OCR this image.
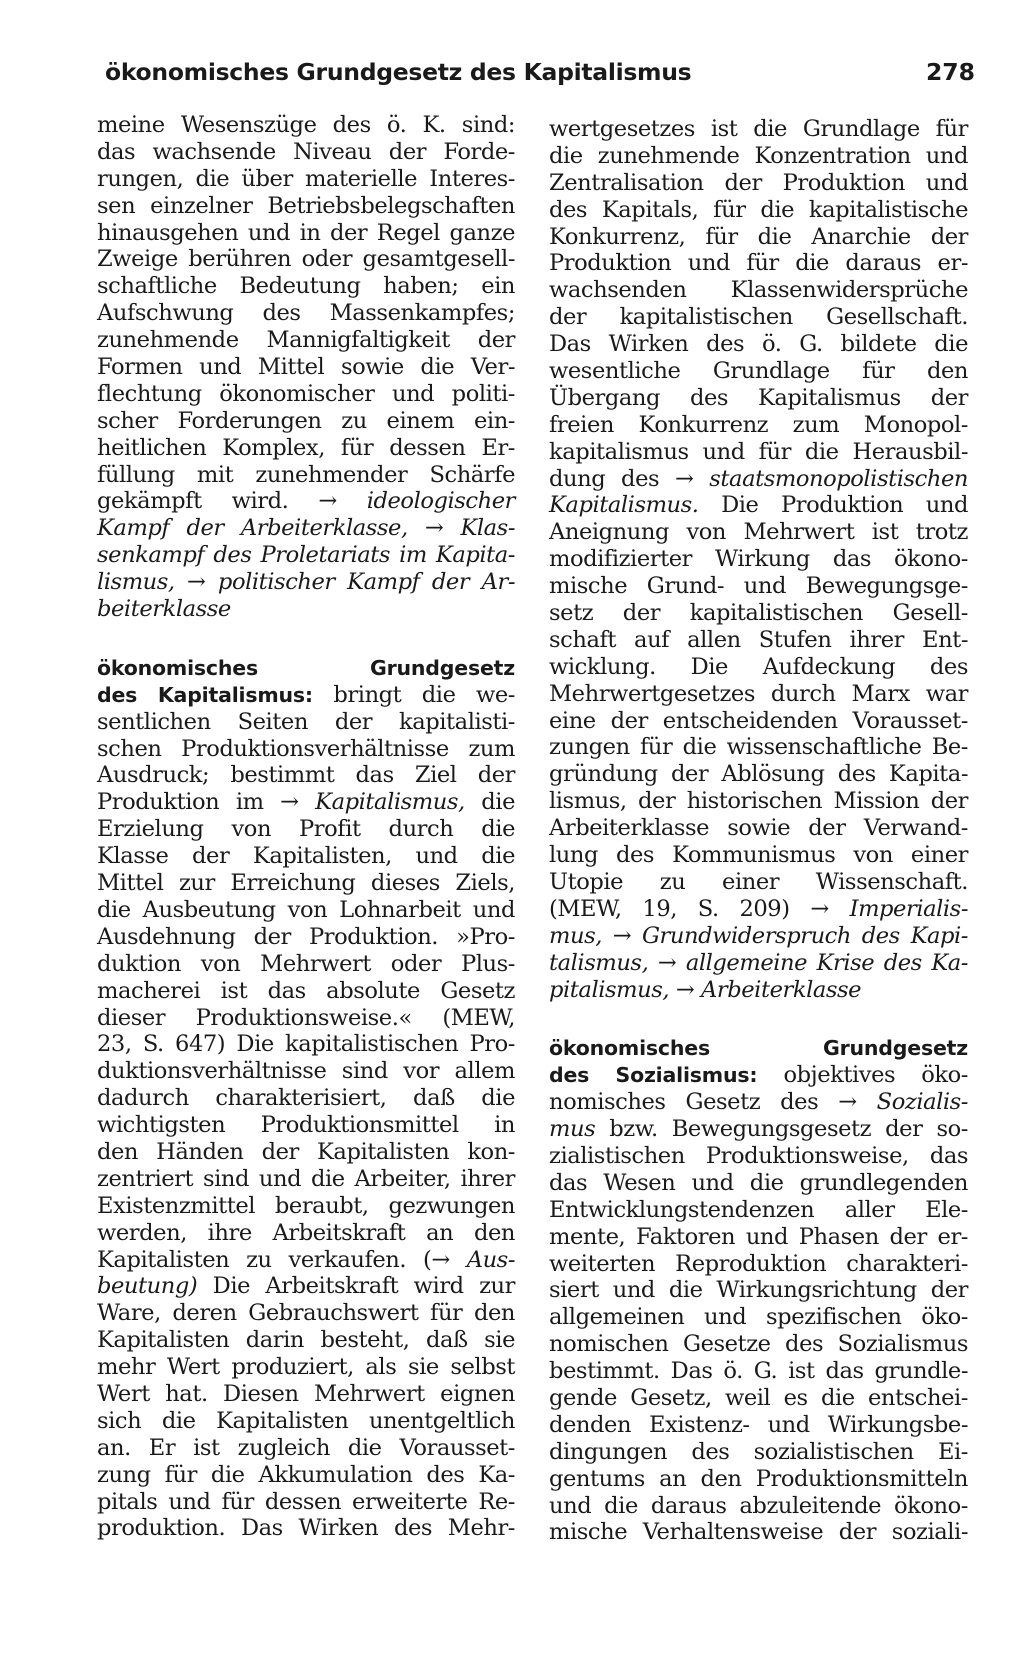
ökonomisches Grundgesetz des Kapitalismus	278
meine Wesenszüge des ö. K. sind:
das wachsende Niveau der Forde-
rungen, die über materielle Interes-
sen einzelner Betriebsbelegschaften
hinausgehen und in der Regel ganze
Zweige berühren oder gesamtgesell-
schaftliche Bedeutung haben; ein
Aufschwung des Massenkampfes;
zunehmende Mannigfaltigkeit der
Formen und Mittel sowie die Ver-
flechtung ökonomischer und politi-
scher Forderungen zu einem ein-
heitlichen Komplex, für dessen Er-
füllung mit zunehmender Schärfe
gekämpft wird. → ideologischer
Kampf der Arbeiterklasse, → Klas-
senkampf des Proletariats im Kapita-
lismus, → politischer Kampf der Ar-
beiterklasse
ökonomisches Grundgesetz
des Kapitalismus: bringt die we-
sentlichen Seiten der kapitalisti-
schen Produktionsverhältnisse zum
Ausdruck; bestimmt das Ziel der
Produktion im → Kapitalismus, die
Erzielung von Profit durch die
Klasse der Kapitalisten, und die
Mittel zur Erreichung dieses Ziels,
die Ausbeutung von Lohnarbeit und
Ausdehnung der Produktion. »Pro-
duktion von Mehrwert oder Plus-
macherei ist das absolute Gesetz
dieser Produktionsweise.« (MEW,
23, S. 647) Die kapitalistischen Pro-
duktionsverhältnisse sind vor allem
dadurch charakterisiert, daß die
wichtigsten Produktionsmittel in
den Händen der Kapitalisten kon-
zentriert sind und die Arbeiter, ihrer
Existenzmittel beraubt, gezwungen
werden, ihre Arbeitskraft an den
Kapitalisten zu verkaufen. (→ Aus-
beutung) Die Arbeitskraft wird zur
Ware, deren Gebrauchswert für den
Kapitalisten darin besteht, daß sie
mehr Wert produziert, als sie selbst
Wert hat. Diesen Mehrwert eignen
sich die Kapitalisten unentgeltlich
an. Er ist zugleich die Vorausset-
zung für die Akkumulation des Ka-
pitals und für dessen erweiterte Re-
produktion. Das Wirken des Mehr-
wertgesetzes ist die Grundlage für
die zunehmende Konzentration und
Zentralisation der Produktion und
des Kapitals, für die kapitalistische
Konkurrenz, für die Anarchie der
Produktion und für die daraus er-
wachsenden Klassenwidersprüche
der kapitalistischen Gesellschaft.
Das Wirken des ö. G. bildete die
wesentliche Grundlage für den
Übergang des Kapitalismus der
freien Konkurrenz zum Monopol-
kapitalismus und für die Herausbil-
dung des → staatsmonopolistischen
Kapitalismus. Die Produktion und
Aneignung von Mehrwert ist trotz
modifizierter Wirkung das ökono-
mische Grund- und Bewegungsge-
setz der kapitalistischen Gesell-
schaft auf allen Stufen ihrer Ent-
wicklung. Die Aufdeckung des
Mehrwertgesetzes durch Marx war
eine der entscheidenden Vorausset-
zungen für die wissenschaftliche Be-
gründung der Ablösung des Kapita-
lismus, der historischen Mission der
Arbeiterklasse sowie der Verwand-
lung des Kommunismus von einer
Utopie zu einer Wissenschaft.
(MEW, 19, S. 209) → Imperialis-
mus, → Grundwiderspruch des Kapi-
talismus, → allgemeine Krise des Ka-
pitalismus, → Arbeiterklasse
ökonomisches Grundgesetz
des Sozialismus: objektives öko-
nomisches Gesetz des → Sozialis-
mus bzw. Bewegungsgesetz der so-
zialistischen Produktionsweise, das
das Wesen und die grundlegenden
Entwicklungstendenzen aller Ele-
mente, Faktoren und Phasen der er-
weiterten Reproduktion charakteri-
siert und die Wirkungsrichtung der
allgemeinen und spezifischen öko-
nomischen Gesetze des Sozialismus
bestimmt. Das ö. G. ist das grundle-
gende Gesetz, weil es die entschei-
denden Existenz- und Wirkungsbe-
dingungen des sozialistischen Ei-
gentums an den Produktionsmitteln
und die daraus abzuleitende ökono-
mische Verhaltensweise der soziali-
